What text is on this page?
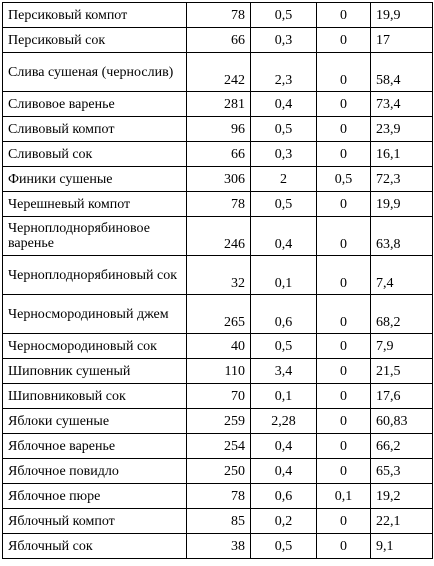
Персиковый компот	78	0,5	0	19,9
Персиковый сок	66	0,3	0	17
Слива сушеная (чернослив)	242	2,3	0	58,4
Сливовое варенье	281	0,4	0	73,4
Сливовый компот	96	0,5	0	23,9
Сливовый сок	66	0,3	0	16,1
Финики сушеные	306	2	0,5	72,3
Черешневый компот	78	0,5	0	19,9
Черноплоднорябиновое варенье	246	0,4	0	63,8
Черноплоднорябиновый сок	32	0,1	0	7,4
Черносмородиновый джем	265	0,6	0	68,2
Черносмородиновый сок	40	0,5	0	7,9
Шиповник сушеный	110	3,4	0	21,5
Шиповниковый сок	70	0,1	0	17,6
Яблоки сушеные	259	2,28	0	60,83
Яблочное варенье	254	0,4	0	66,2
Яблочное повидло	250	0,4	0	65,3
Яблочное пюре	78	0,6	0,1	19,2
Яблочный компот	85	0,2	0	22,1
Яблочный сок	38	0,5	0	9,1
